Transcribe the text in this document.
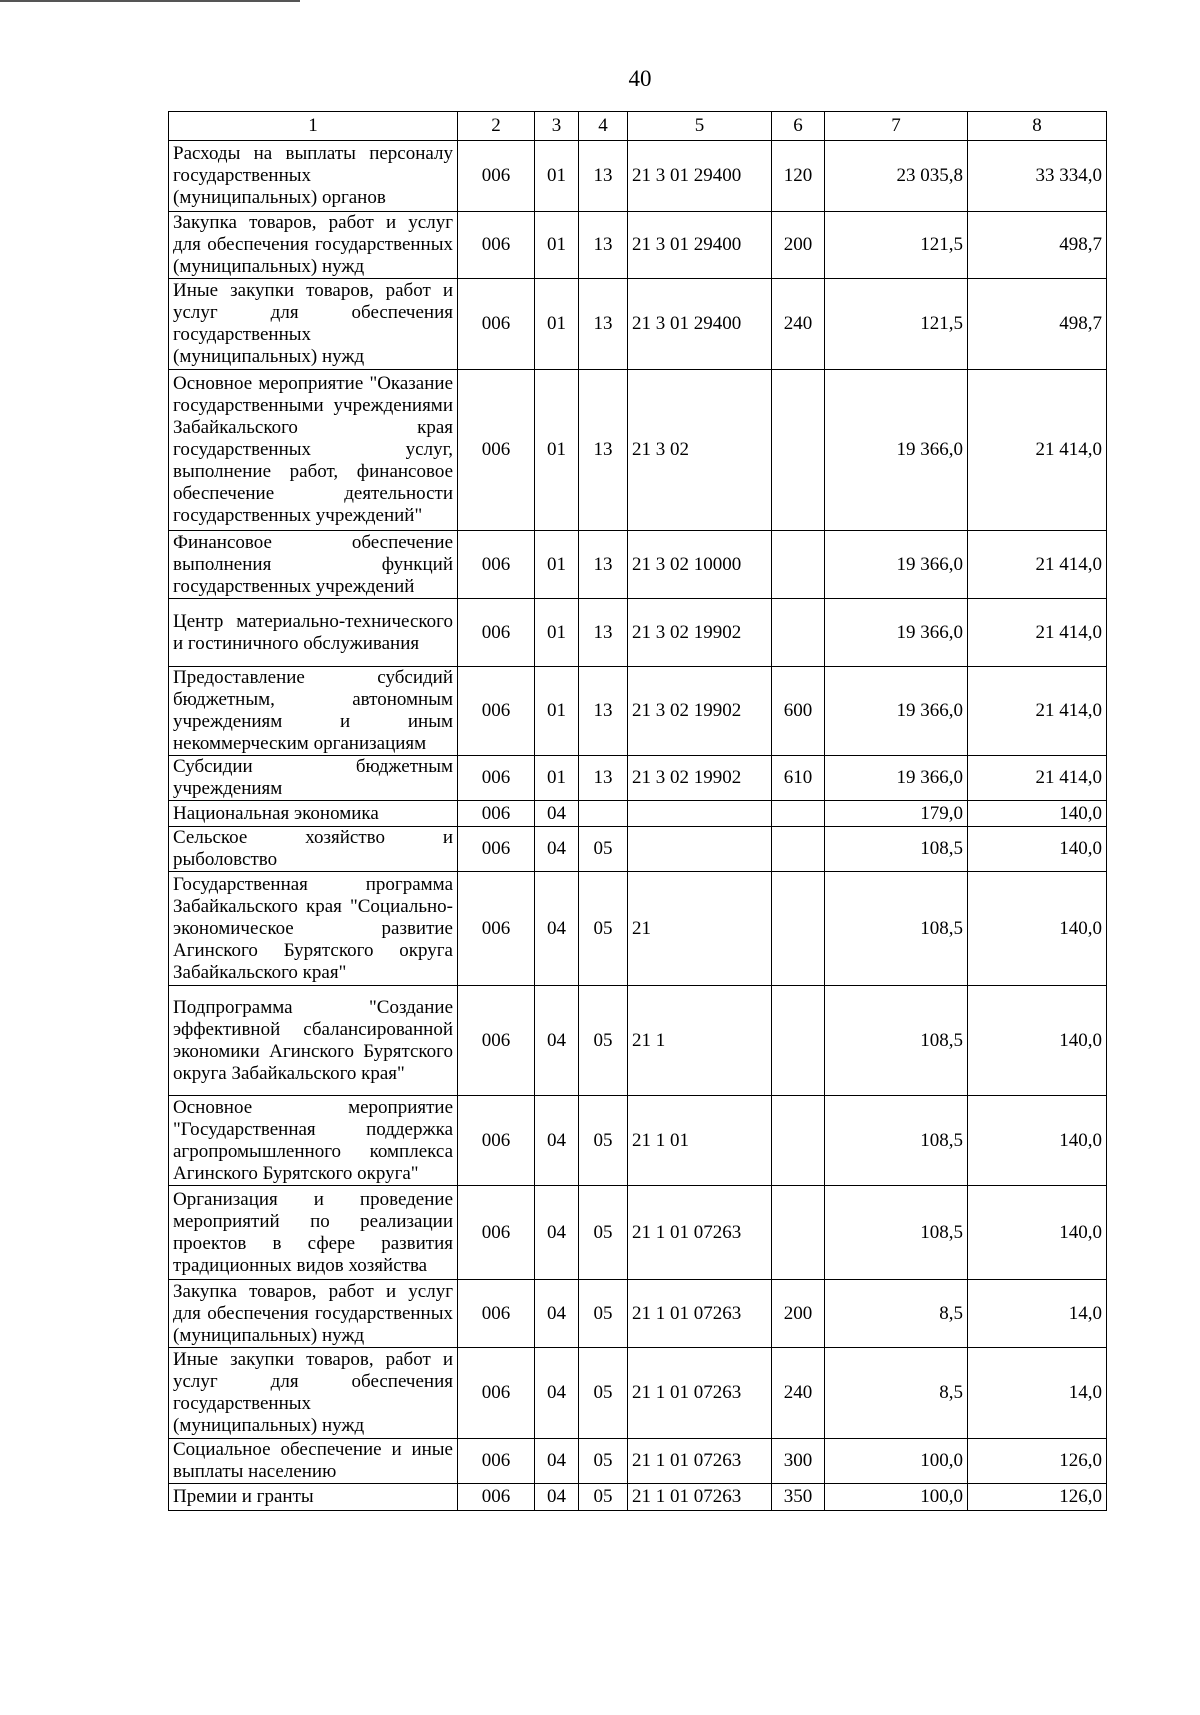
40
1	2	3	4	5	6	7	8
Расходы на выплаты персоналу государственных (муниципальных) органов	006	01	13	21 3 01 29400	120	23 035,8	33 334,0
Закупка товаров, работ и услуг для обеспечения государственных (муниципальных) нужд	006	01	13	21 3 01 29400	200	121,5	498,7
Иные закупки товаров, работ и услуг для обеспечения государственных (муниципальных) нужд	006	01	13	21 3 01 29400	240	121,5	498,7
Основное мероприятие "Оказание государственными учреждениями Забайкальского края государственных услуг, выполнение работ, финансовое обеспечение деятельности государственных учреждений"	006	01	13	21 3 02		19 366,0	21 414,0
Финансовое обеспечение выполнения функций государственных учреждений	006	01	13	21 3 02 10000		19 366,0	21 414,0
Центр материально-технического и гостиничного обслуживания	006	01	13	21 3 02 19902		19 366,0	21 414,0
Предоставление субсидий бюджетным, автономным учреждениям и иным некоммерческим организациям	006	01	13	21 3 02 19902	600	19 366,0	21 414,0
Субсидии бюджетным учреждениям	006	01	13	21 3 02 19902	610	19 366,0	21 414,0
Национальная экономика	006	04				179,0	140,0
Сельское хозяйство и рыболовство	006	04	05			108,5	140,0
Государственная программа Забайкальского края "Социально-экономическое развитие Агинского Бурятского округа Забайкальского края"	006	04	05	21		108,5	140,0
Подпрограмма "Создание эффективной сбалансированной экономики Агинского Бурятского округа Забайкальского края"	006	04	05	21 1		108,5	140,0
Основное мероприятие "Государственная поддержка агропромышленного комплекса Агинского Бурятского округа"	006	04	05	21 1 01		108,5	140,0
Организация и проведение мероприятий по реализации проектов в сфере развития традиционных видов хозяйства	006	04	05	21 1 01 07263		108,5	140,0
Закупка товаров, работ и услуг для обеспечения государственных (муниципальных) нужд	006	04	05	21 1 01 07263	200	8,5	14,0
Иные закупки товаров, работ и услуг для обеспечения государственных (муниципальных) нужд	006	04	05	21 1 01 07263	240	8,5	14,0
Социальное обеспечение и иные выплаты населению	006	04	05	21 1 01 07263	300	100,0	126,0
Премии и гранты	006	04	05	21 1 01 07263	350	100,0	126,0
